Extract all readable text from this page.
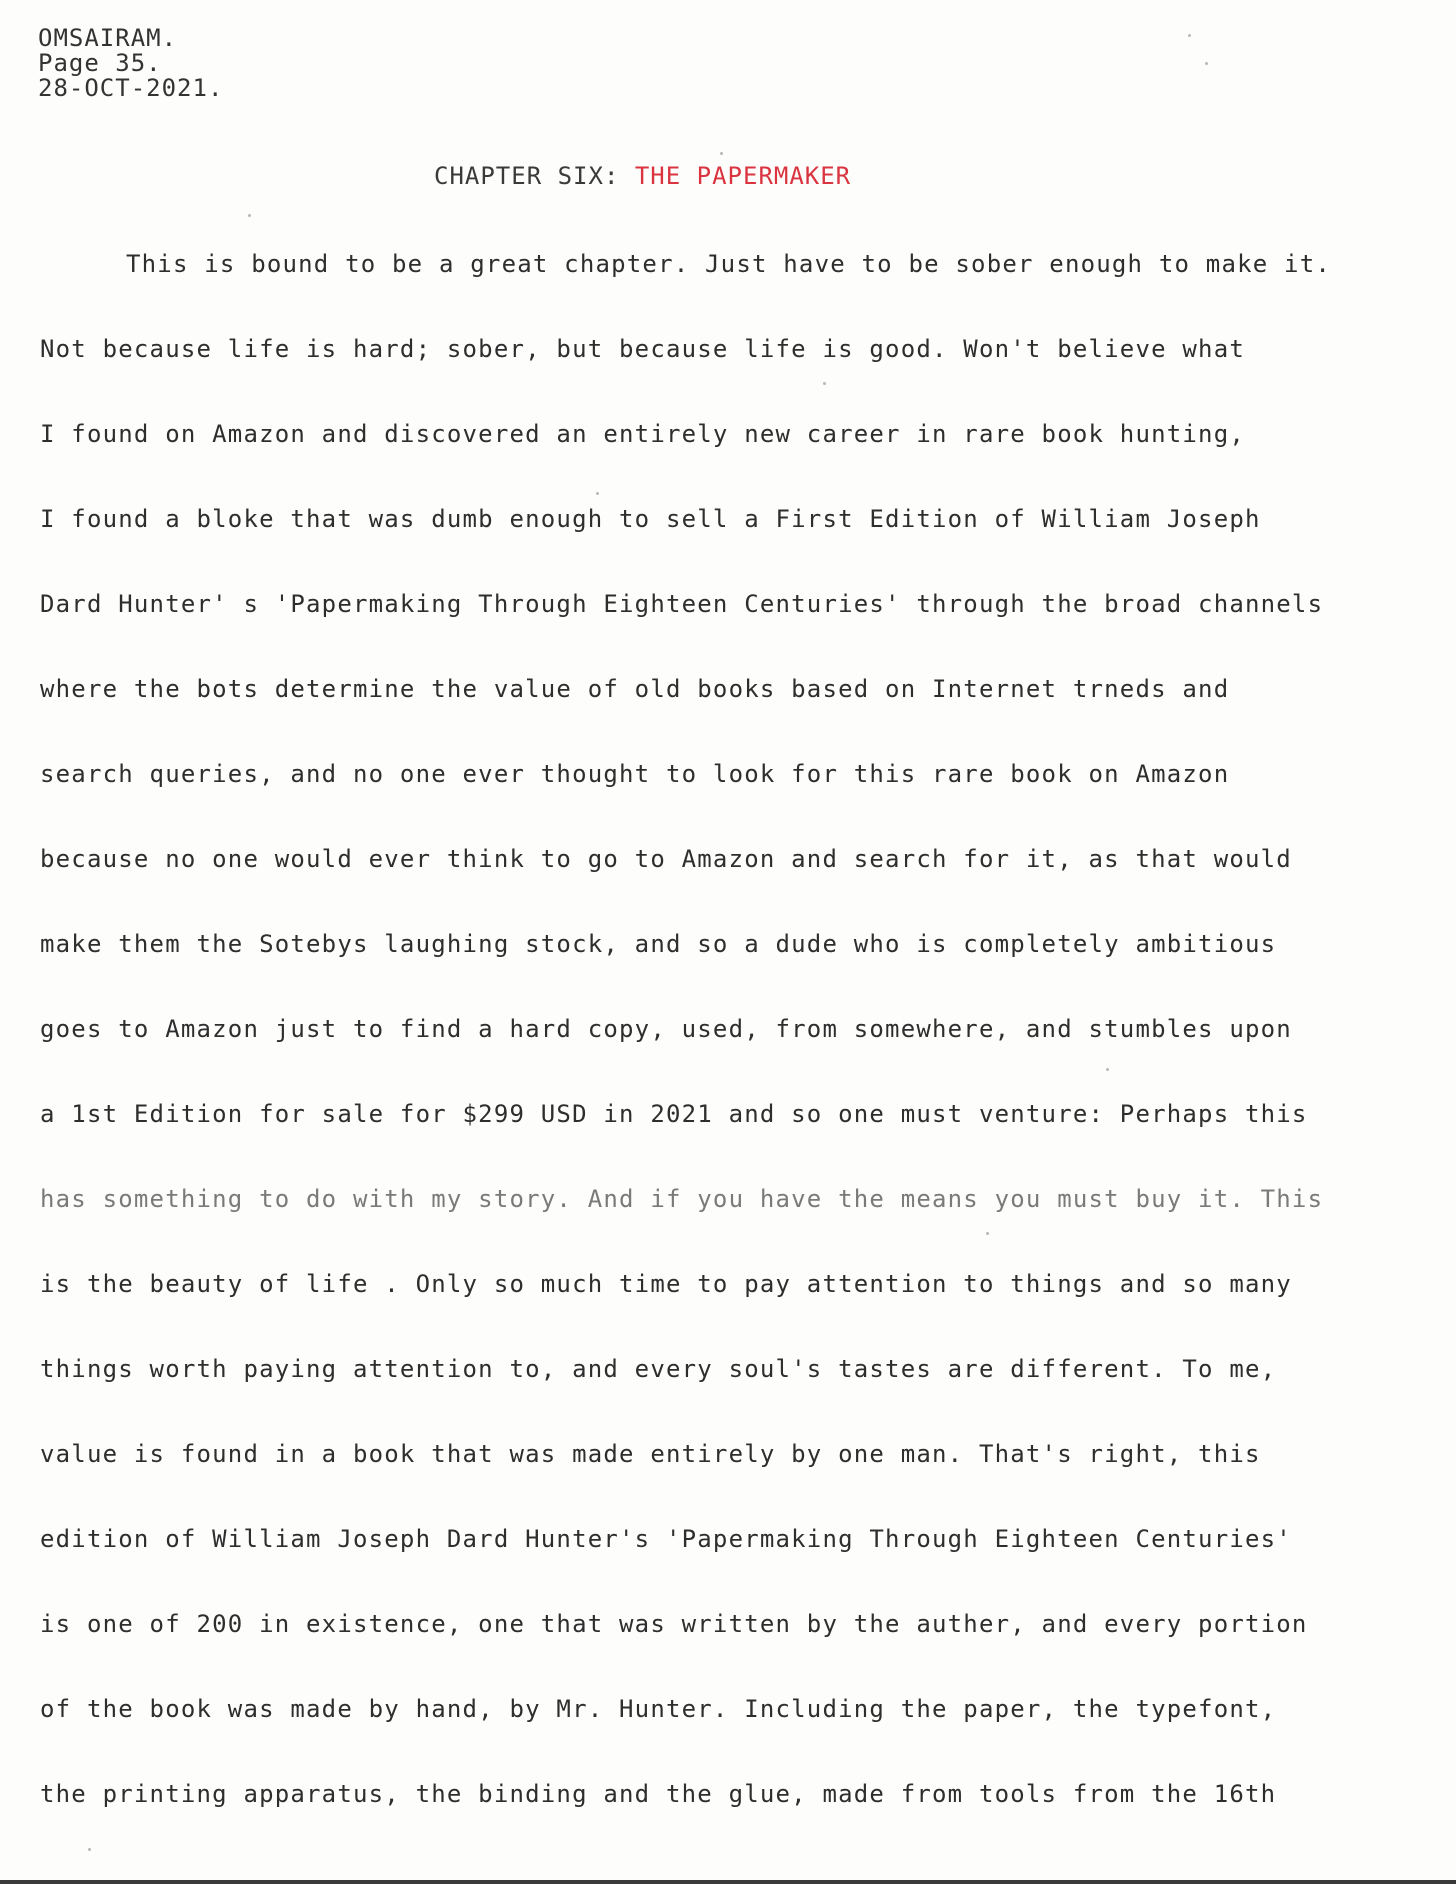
OMSAIRAM.
Page 35.
28-OCT-2021.
CHAPTER SIX: THE PAPERMAKER
This is bound to be a great chapter. Just have to be sober enough to make it.
Not because life is hard; sober, but because life is good. Won't believe what
I found on Amazon and discovered an entirely new career in rare book hunting,
I found a bloke that was dumb enough to sell a First Edition of William Joseph
Dard Hunter' s 'Papermaking Through Eighteen Centuries' through the broad channels
where the bots determine the value of old books based on Internet trneds and
search queries, and no one ever thought to look for this rare book on Amazon
because no one would ever think to go to Amazon and search for it, as that would
make them the Sotebys laughing stock, and so a dude who is completely ambitious
goes to Amazon just to find a hard copy, used, from somewhere, and stumbles upon
a 1st Edition for sale for $299 USD in 2021 and so one must venture: Perhaps this
has something to do with my story. And if you have the means you must buy it. This
is the beauty of life . Only so much time to pay attention to things and so many
things worth paying attention to, and every soul's tastes are different. To me,
value is found in a book that was made entirely by one man. That's right, this
edition of William Joseph Dard Hunter's 'Papermaking Through Eighteen Centuries'
is one of 200 in existence, one that was written by the auther, and every portion
of the book was made by hand, by Mr. Hunter. Including the paper, the typefont,
the printing apparatus, the binding and the glue, made from tools from the 16th
